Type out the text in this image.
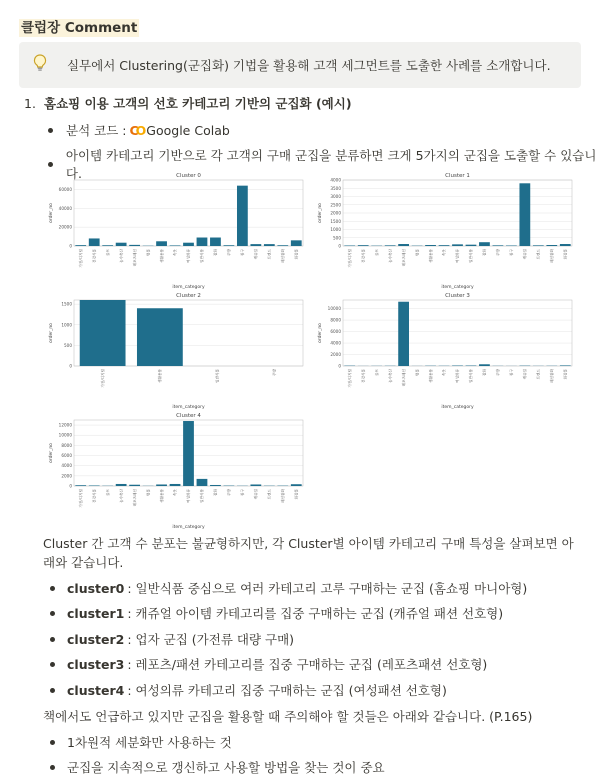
클럽장 Comment
실무에서 Clustering(군집화) 기법을 활용해 고객 세그먼트를 도출한 사례를 소개합니다.
1. 홈쇼핑 이용 고객의 선호 카테고리 기반의 군집화 (예시)
분석 코드 : CO Google Colab
아이템 카테고리 기반으로 각 고객의 구매 군집을 분류하면 크게 5가지의 군집을 도출할 수 있습니다.	Cluster 0
0
20000
40000
60000
order_no
가전/디지털	건강식품	골프	농수축산	레포츠패션	명품	생활용품	속옷	여성의류	일반식품	잡화	주방	침구	캐쥬얼	트렌드	패션잡화	화장품
item_category
Cluster 1
0
500
1000
1500
2000
2500
3000
3500
4000
order_no
가전/디지털	건강식품	골프	농수축산	레포츠패션	명품	생활용품	속옷	여성의류	일반식품	잡화	주방	침구	캐쥬얼	트렌드	패션잡화	화장품
item_category
Cluster 2
0
500
1000
1500
order_no
가전/디지털	생활용품	일반식품	주방
item_category
Cluster 3
0
2000
4000
6000
8000
10000
order_no
가전/디지털	건강식품	골프	농수축산	레포츠패션	명품	생활용품	속옷	여성의류	일반식품	잡화	주방	침구	캐쥬얼	트렌드	패션잡화	화장품
item_category
Cluster 4
0
2000
4000
6000
8000
10000
12000
order_no
가전/디지털	건강식품	골프	농수축산	레포츠패션	명품	생활용품	속옷	여성의류	일반식품	잡화	주방	침구	캐쥬얼	트렌드	패션잡화	화장품
item_category
Cluster 간 고객 수 분포는 불균형하지만, 각 Cluster별 아이템 카테고리 구매 특성을 살펴보면 아래와 같습니다.
cluster0 : 일반식품 중심으로 여러 카테고리 고루 구매하는 군집 (홈쇼핑 마니아형)
cluster1 : 캐쥬얼 아이템 카테고리를 집중 구매하는 군집 (캐쥬얼 패션 선호형)
cluster2 : 업자 군집 (가전류 대량 구매)
cluster3 : 레포츠/패션 카테고리를 집중 구매하는 군집 (레포츠패션 선호형)
cluster4 : 여성의류 카테고리 집중 구매하는 군집 (여성패션 선호형)
책에서도 언급하고 있지만 군집을 활용할 때 주의해야 할 것들은 아래와 같습니다. (P.165)
1차원적 세분화만 사용하는 것
군집을 지속적으로 갱신하고 사용할 방법을 찾는 것이 중요
